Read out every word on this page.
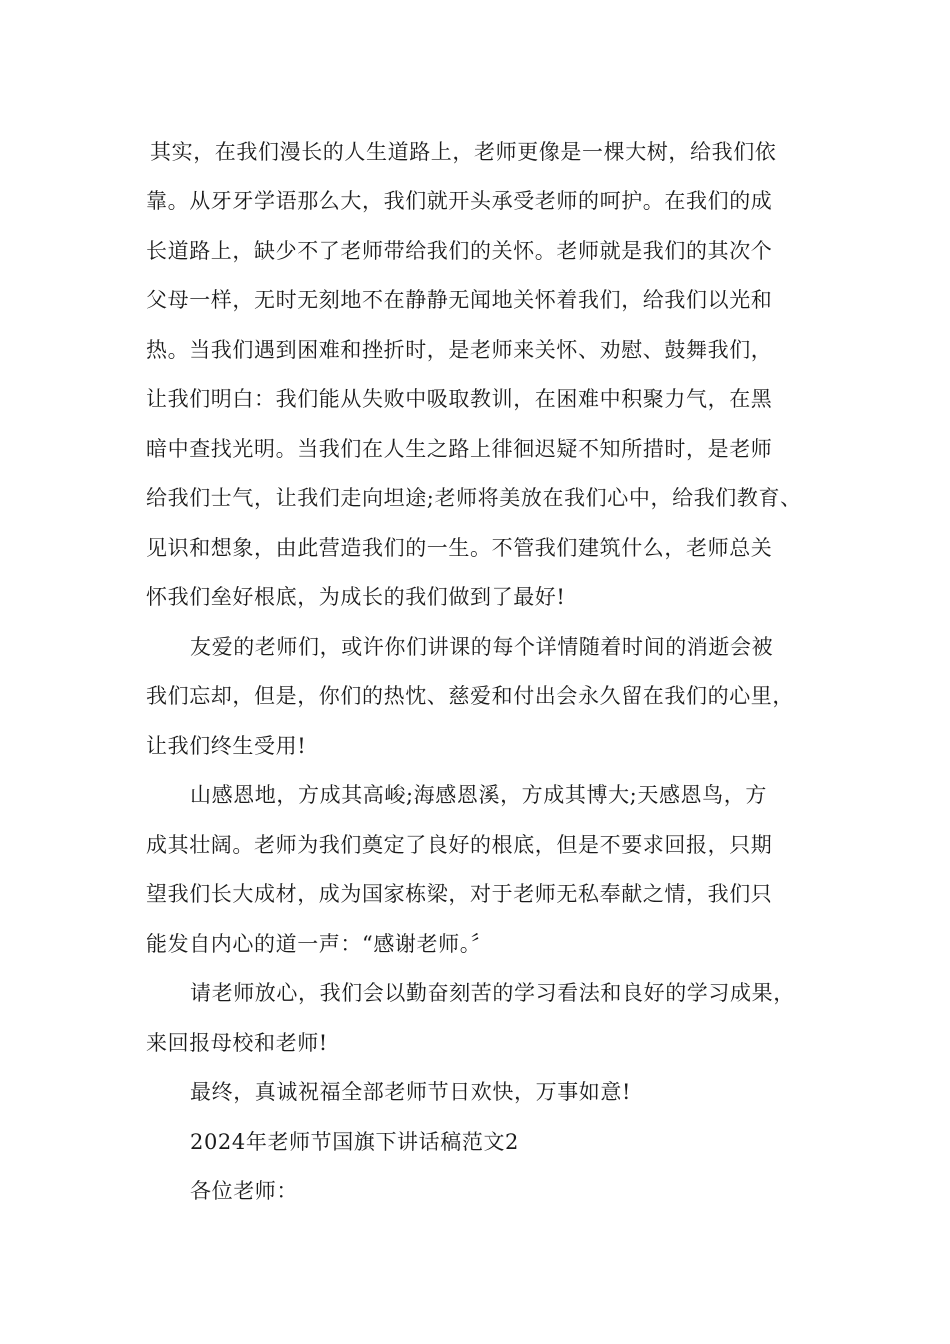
其实，在我们漫长的人生道路上，老师更像是一棵大树，给我们依
靠。从牙牙学语那么大，我们就开头承受老师的呵护。在我们的成
长道路上，缺少不了老师带给我们的关怀。老师就是我们的其次个
父母一样，无时无刻地不在静静无闻地关怀着我们，给我们以光和
热。当我们遇到困难和挫折时，是老师来关怀、劝慰、鼓舞我们，
让我们明白：我们能从失败中吸取教训，在困难中积聚力气，在黑
暗中查找光明。当我们在人生之路上徘徊迟疑不知所措时，是老师
给我们士气，让我们走向坦途;老师将美放在我们心中，给我们教育、
见识和想象，由此营造我们的一生。不管我们建筑什么，老师总关
怀我们垒好根底，为成长的我们做到了最好!
友爱的老师们，或许你们讲课的每个详情随着时间的消逝会被
我们忘却，但是，你们的热忱、慈爱和付出会永久留在我们的心里，
让我们终生受用!
山感恩地，方成其高峻;海感恩溪，方成其博大;天感恩鸟，方
成其壮阔。老师为我们奠定了良好的根底，但是不要求回报，只期
望我们长大成材，成为国家栋梁，对于老师无私奉献之情，我们只
能发自内心的道一声：“感谢老师。〞
请老师放心，我们会以勤奋刻苦的学习看法和良好的学习成果，
来回报母校和老师!
最终，真诚祝福全部老师节日欢快，万事如意!
2024年老师节国旗下讲话稿范文2
各位老师：
